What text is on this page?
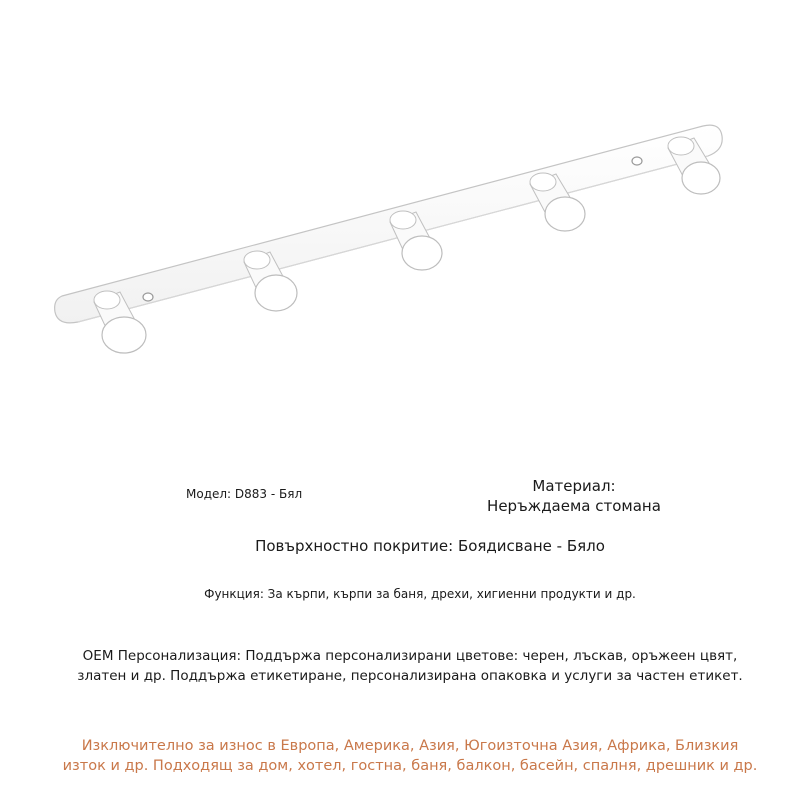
Модел: D883 - Бял	Материал:
Неръждаема стомана

Повърхностно покритие: Боядисване - Бяло

Функция: За кърпи, кърпи за баня, дрехи, хигиенни продукти и др.

OEM Персонализация: Поддържа персонализирани цветове: черен, лъскав, оръжеен цвят,
златен и др. Поддържа етикетиране, персонализирана опаковка и услуги за частен етикет.

Изключително за износ в Европа, Америка, Азия, Югоизточна Азия, Африка, Близкия
изток и др. Подходящ за дом, хотел, гостна, баня, балкон, басейн, спалня, дрешник и др.
